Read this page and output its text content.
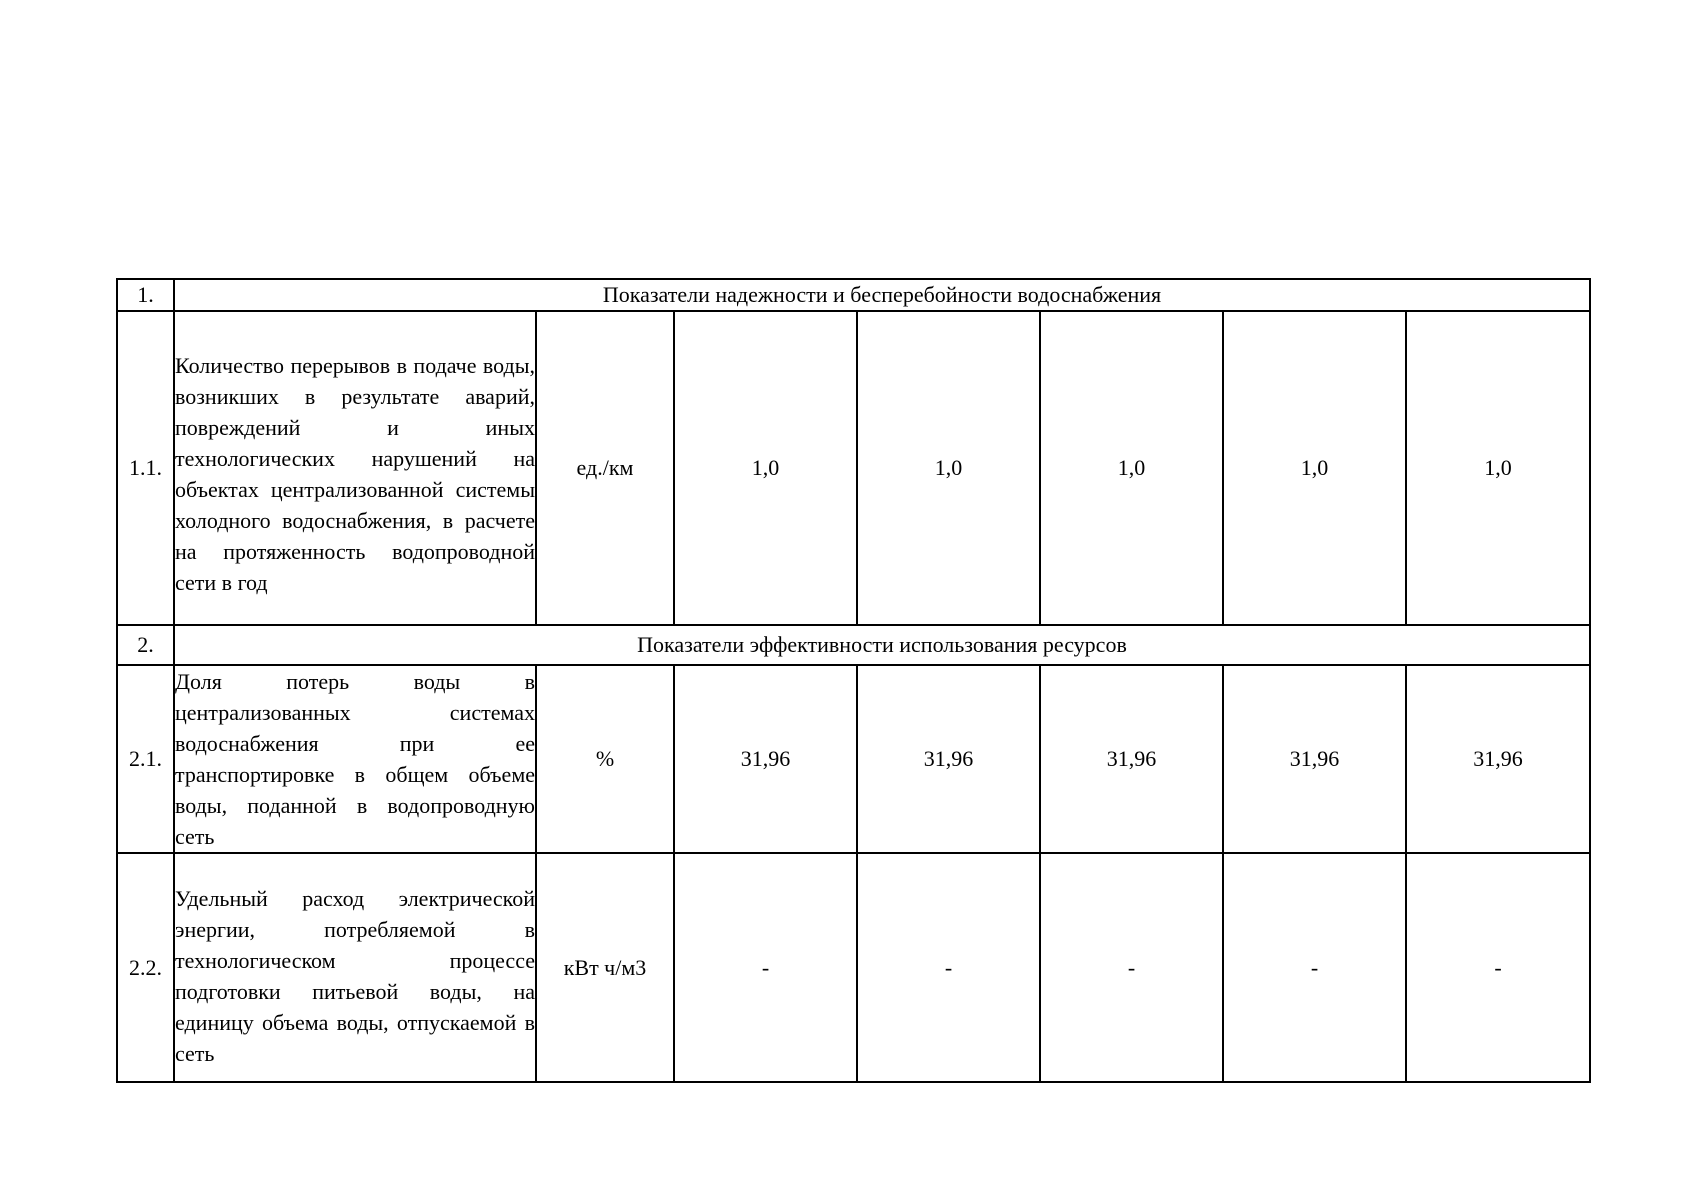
1.	Показатели надежности и бесперебойности водоснабжения						
1.1.	Количество перерывов в подаче воды, возникших в результате аварий, повреждений и иных технологических нарушений на объектах централизованной системы холодного водоснабжения, в расчете на протяженность водопроводной сети в год	ед./км	1,0	1,0	1,0	1,0	1,0
2.	Показатели эффективности использования ресурсов						
2.1.	Доля потерь воды в централизованных системах водоснабжения при ее транспортировке в общем объеме воды, поданной в водопроводную сеть	%	31,96	31,96	31,96	31,96	31,96
2.2.	Удельный расход электрической энергии, потребляемой в технологическом процессе подготовки питьевой воды, на единицу объема воды, отпускаемой в сеть	кВт ч/м3	-	-	-	-	-
